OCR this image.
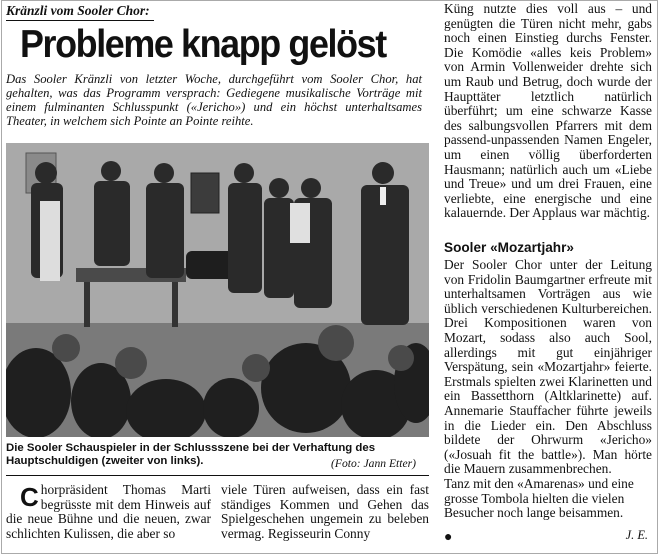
Kränzli vom Sooler Chor:
Probleme knapp gelöst
Das Sooler Kränzli von letzter Woche, durchgeführt vom Sooler Chor, hat gehalten, was das Programm versprach: Gediegene musikalische Vorträge mit einem fulminanten Schlusspunkt («Jericho») und ein höchst unterhaltsames Theater, in welchem sich Pointe an Pointe reihte.
Die Sooler Schauspieler in der Schlussszene bei der Verhaftung des Hauptschuldigen (zweiter von links).	(Foto: Jann Etter)
Chorpräsident Thomas Marti begrüsste mit dem Hinweis auf die neue Bühne und die neuen, zwar schlichten Kulissen, die aber so
viele Türen aufweisen, dass ein fast ständiges Kommen und Gehen das Spielgeschehen ungemein zu beleben vermag. Regisseurin Conny
Küng nutzte dies voll aus – und genügten die Türen nicht mehr, gabs noch einen Einstieg durchs Fenster. Die Komödie «alles keis Problem» von Armin Vollenweider drehte sich um Raub und Betrug, doch wurde der Haupttäter letztlich natürlich überführt; um eine schwarze Kasse des salbungsvollen Pfarrers mit dem passend-unpassenden Namen Engeler, um einen völlig überforderten Hausmann; natürlich auch um «Liebe und Treue» und um drei Frauen, eine verliebte, eine energische und eine kalauernde. Der Applaus war mächtig.
Sooler «Mozartjahr»

Der Sooler Chor unter der Leitung von Fridolin Baumgartner erfreute mit unterhaltsamen Vorträgen aus wie üblich verschiedenen Kulturbereichen. Drei Kompositionen waren von Mozart, sodass also auch Sool, allerdings mit gut einjähriger Verspätung, sein «Mozartjahr» feierte. Erstmals spielten zwei Klarinetten und ein Bassetthorn (Altklarinette) auf. Annemarie Stauffacher führte jeweils in die Lieder ein. Den Abschluss bildete der Ohrwurm «Jericho» («Josuah fit the battle»). Man hörte die Mauern zusammenbrechen.

Tanz mit den «Amarenas» und eine grosse Tombola hielten die vielen Besucher noch lange beisammen.

●	J. E.
